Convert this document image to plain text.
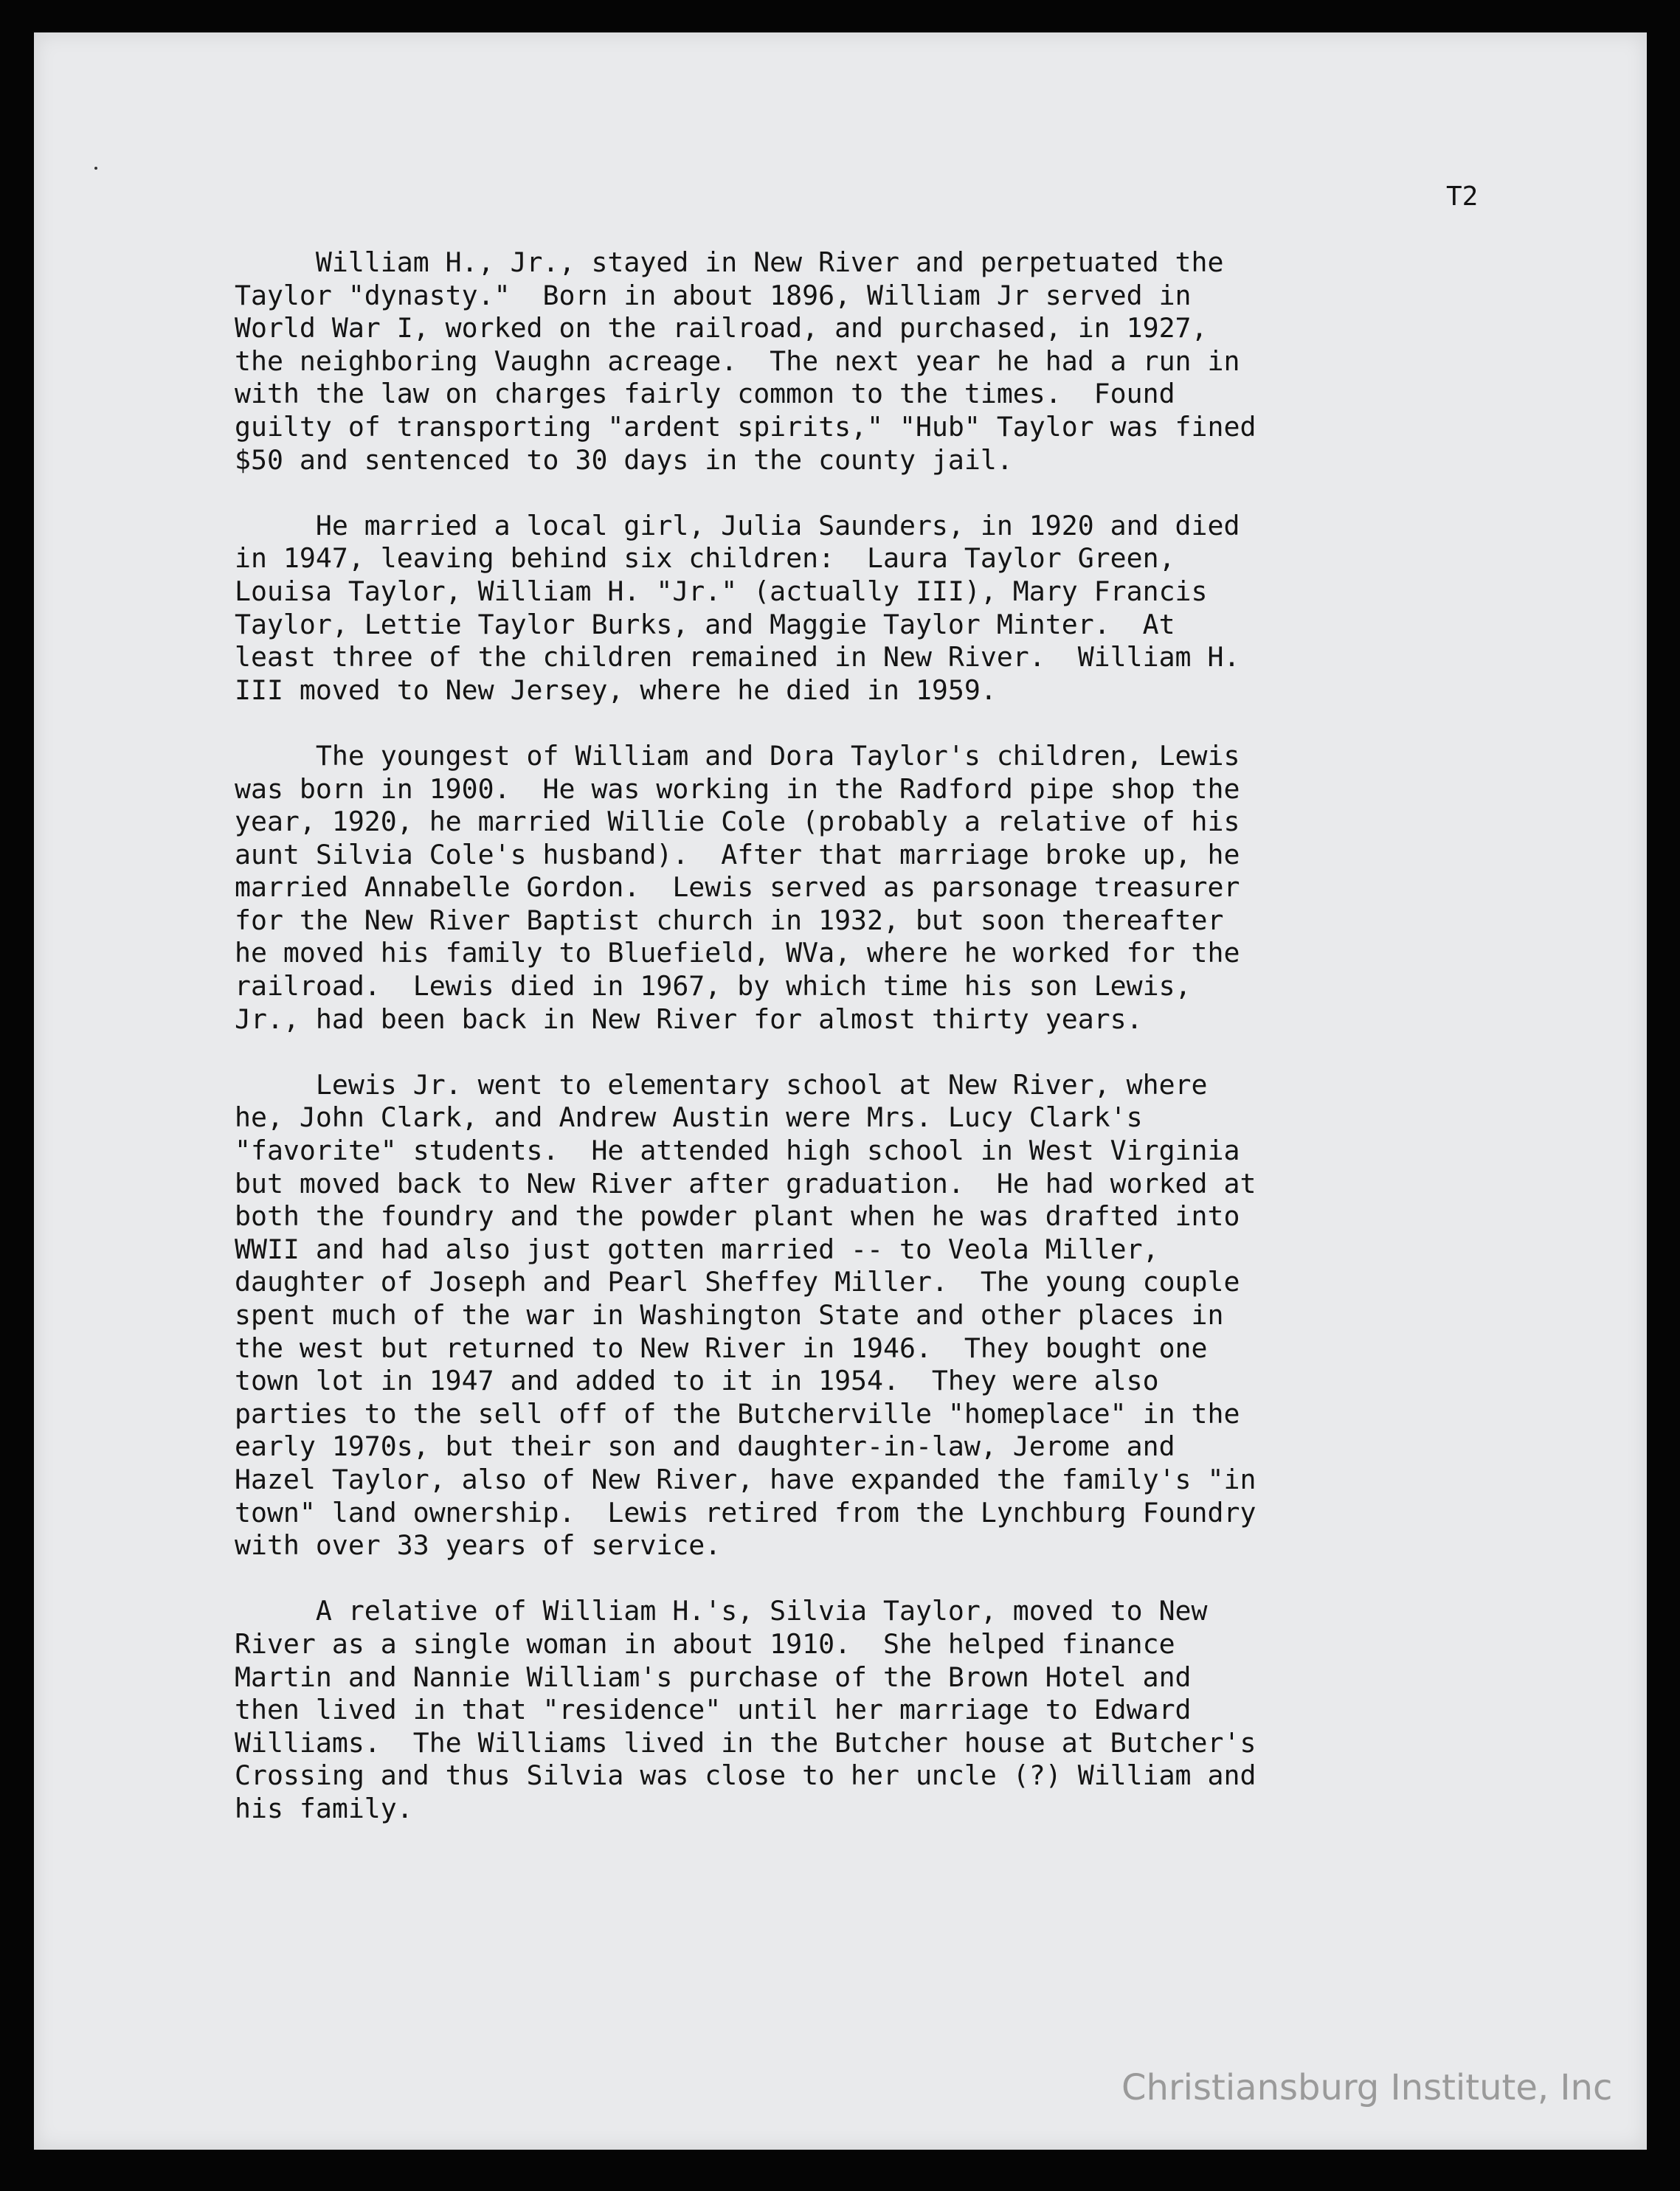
T2
William H., Jr., stayed in New River and perpetuated the
Taylor "dynasty."  Born in about 1896, William Jr served in
World War I, worked on the railroad, and purchased, in 1927,
the neighboring Vaughn acreage.  The next year he had a run in
with the law on charges fairly common to the times.  Found
guilty of transporting "ardent spirits," "Hub" Taylor was fined
$50 and sentenced to 30 days in the county jail.
He married a local girl, Julia Saunders, in 1920 and died
in 1947, leaving behind six children:  Laura Taylor Green,
Louisa Taylor, William H. "Jr." (actually III), Mary Francis
Taylor, Lettie Taylor Burks, and Maggie Taylor Minter.  At
least three of the children remained in New River.  William H.
III moved to New Jersey, where he died in 1959.
The youngest of William and Dora Taylor's children, Lewis
was born in 1900.  He was working in the Radford pipe shop the
year, 1920, he married Willie Cole (probably a relative of his
aunt Silvia Cole's husband).  After that marriage broke up, he
married Annabelle Gordon.  Lewis served as parsonage treasurer
for the New River Baptist church in 1932, but soon thereafter
he moved his family to Bluefield, WVa, where he worked for the
railroad.  Lewis died in 1967, by which time his son Lewis,
Jr., had been back in New River for almost thirty years.
Lewis Jr. went to elementary school at New River, where
he, John Clark, and Andrew Austin were Mrs. Lucy Clark's
"favorite" students.  He attended high school in West Virginia
but moved back to New River after graduation.  He had worked at
both the foundry and the powder plant when he was drafted into
WWII and had also just gotten married -- to Veola Miller,
daughter of Joseph and Pearl Sheffey Miller.  The young couple
spent much of the war in Washington State and other places in
the west but returned to New River in 1946.  They bought one
town lot in 1947 and added to it in 1954.  They were also
parties to the sell off of the Butcherville "homeplace" in the
early 1970s, but their son and daughter-in-law, Jerome and
Hazel Taylor, also of New River, have expanded the family's "in
town" land ownership.  Lewis retired from the Lynchburg Foundry
with over 33 years of service.
A relative of William H.'s, Silvia Taylor, moved to New
River as a single woman in about 1910.  She helped finance
Martin and Nannie William's purchase of the Brown Hotel and
then lived in that "residence" until her marriage to Edward
Williams.  The Williams lived in the Butcher house at Butcher's
Crossing and thus Silvia was close to her uncle (?) William and
his family.
Christiansburg Institute, Inc
